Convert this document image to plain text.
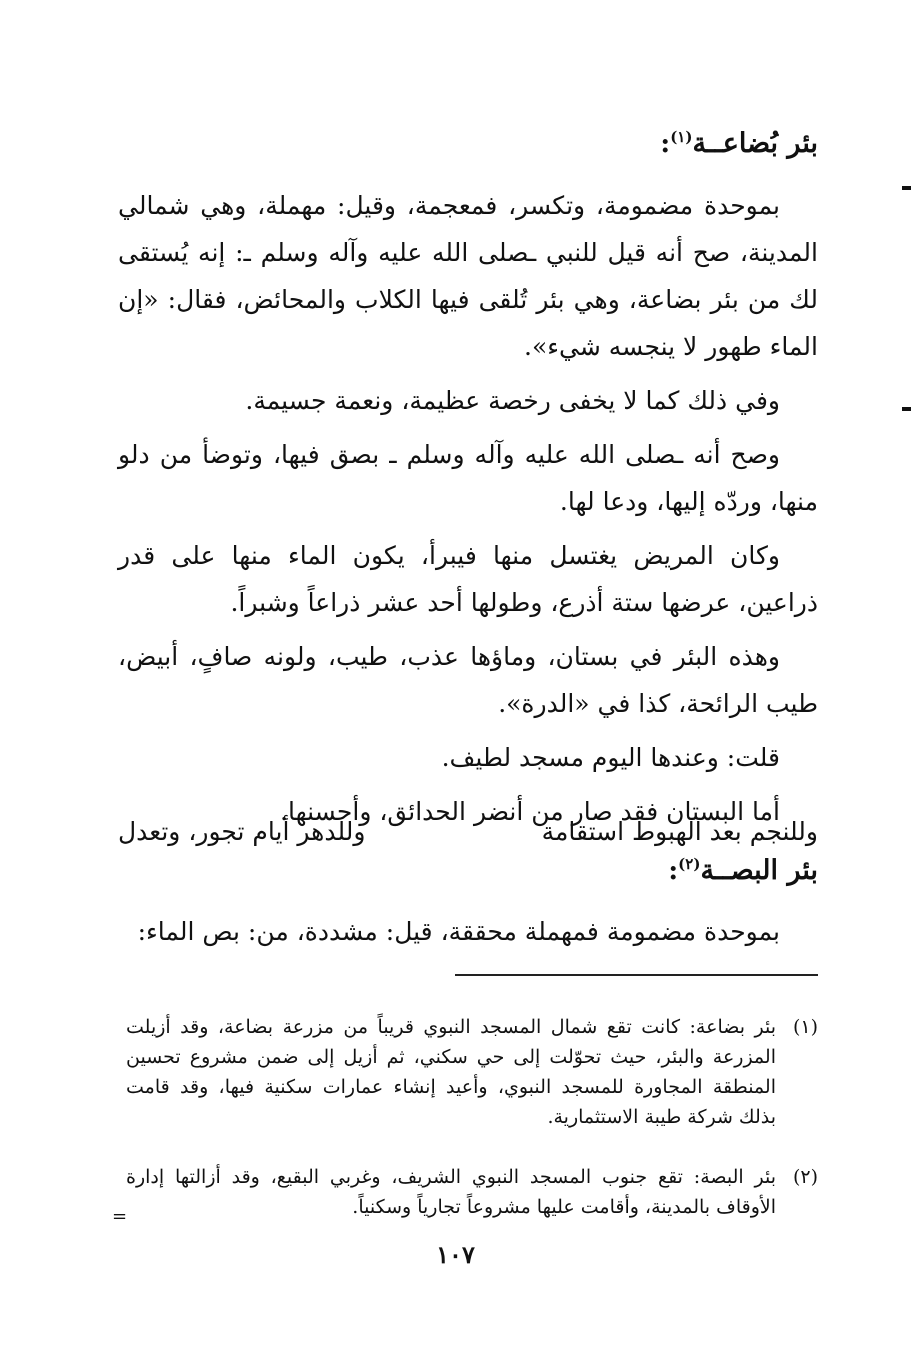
بئر بُضاعــة$^{(١)}$:

بموحدة مضمومة، وتكسر، فمعجمة، وقيل: مهملة، وهي شمالي المدينة، صح أنه قيل للنبي ـصلى الله عليه وآله وسلم ـ: إنه يُستقى لك من بئر بضاعة، وهي بئر تُلقى فيها الكلاب والمحائض، فقال: «إن الماء طهور لا ينجسه شيء».

وفي ذلك كما لا يخفى رخصة عظيمة، ونعمة جسيمة.

وصح أنه ـصلى الله عليه وآله وسلم ـ بصق فيها، وتوضأ من دلو منها، وردّه إليها، ودعا لها.

وكان المريض يغتسل منها فيبرأ، يكون الماء منها على قدر ذراعين، عرضها ستة أذرع، وطولها أحد عشر ذراعاً وشبراً.

وهذه البئر في بستان، وماؤها عذب، طيب، ولونه صافٍ، أبيض، طيب الرائحة، كذا في «الدرة».

قلت: وعندها اليوم مسجد لطيف.

أما البستان فقد صار من أنضر الحدائق، وأحسنها.

وللنجم بعد الهبوط استقامة
وللدهر أيام تجور، وتعدل
بئر البصــة$^{(٢)}$:

بموحدة مضمومة فمهملة محققة، قيل: مشددة، من: بص الماء:

(١)بئر بضاعة: كانت تقع شمال المسجد النبوي قريباً من مزرعة بضاعة، وقد أزيلت المزرعة والبئر، حيث تحوّلت إلى حي سكني، ثم أزيل إلى ضمن مشروع تحسين المنطقة المجاورة للمسجد النبوي، وأعيد إنشاء عمارات سكنية فيها، وقد قامت بذلك شركة طيبة الاستثمارية.
(٢)بئر البصة: تقع جنوب المسجد النبوي الشريف، وغربي البقيع، وقد أزالتها إدارة الأوقاف بالمدينة، وأقامت عليها مشروعاً تجارياً وسكنياً.
=
١٠٧
